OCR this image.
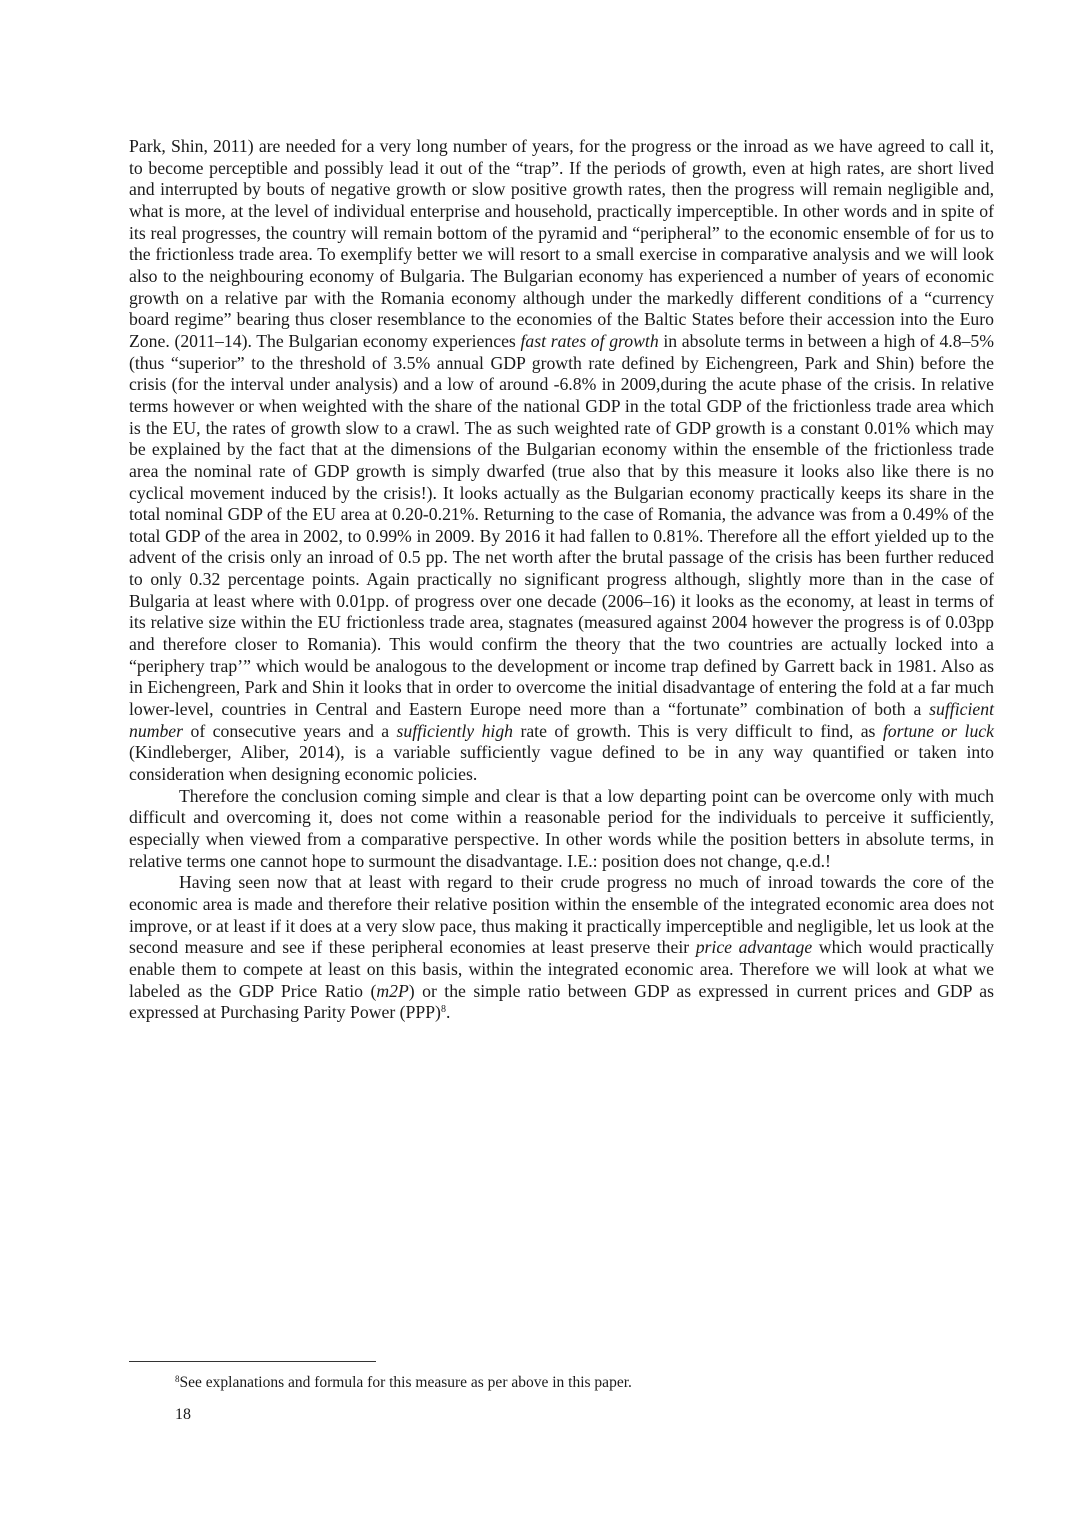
Park, Shin, 2011) are needed for a very long number of years, for the progress or the inroad as we have agreed to call it, to become perceptible and possibly lead it out of the “trap”. If the periods of growth, even at high rates, are short lived and interrupted by bouts of negative growth or slow positive growth rates, then the progress will remain negligible and, what is more, at the level of individual enterprise and household, practically imperceptible. In other words and in spite of its real progresses, the country will remain bottom of the pyramid and “peripheral” to the economic ensemble of for us to the frictionless trade area. To exemplify better we will resort to a small exercise in comparative analysis and we will look also to the neighbouring economy of Bulgaria. The Bulgarian economy has experienced a number of years of economic growth on a relative par with the Romania economy although under the markedly different conditions of a “currency board regime” bearing thus closer resemblance to the economies of the Baltic States before their accession into the Euro Zone. (2011–14). The Bulgarian economy experiences fast rates of growth in absolute terms in between a high of 4.8–5% (thus “superior” to the threshold of 3.5% annual GDP growth rate defined by Eichengreen, Park and Shin) before the crisis (for the interval under analysis) and a low of around -6.8% in 2009,during the acute phase of the crisis. In relative terms however or when weighted with the share of the national GDP in the total GDP of the frictionless trade area which is the EU, the rates of growth slow to a crawl. The as such weighted rate of GDP growth is a constant 0.01% which may be explained by the fact that at the dimensions of the Bulgarian economy within the ensemble of the frictionless trade area the nominal rate of GDP growth is simply dwarfed (true also that by this measure it looks also like there is no cyclical movement induced by the crisis!). It looks actually as the Bulgarian economy practically keeps its share in the total nominal GDP of the EU area at 0.20-0.21%. Returning to the case of Romania, the advance was from a 0.49% of the total GDP of the area in 2002, to 0.99% in 2009. By 2016 it had fallen to 0.81%. Therefore all the effort yielded up to the advent of the crisis only an inroad of 0.5 pp. The net worth after the brutal passage of the crisis has been further reduced to only 0.32 percentage points. Again practically no significant progress although, slightly more than in the case of Bulgaria at least where with 0.01pp. of progress over one decade (2006–16) it looks as the economy, at least in terms of its relative size within the EU frictionless trade area, stagnates (measured against 2004 however the progress is of 0.03pp and therefore closer to Romania). This would confirm the theory that the two countries are actually locked into a “periphery trap’” which would be analogous to the development or income trap defined by Garrett back in 1981. Also as in Eichengreen, Park and Shin it looks that in order to overcome the initial disadvantage of entering the fold at a far much lower-level, countries in Central and Eastern Europe need more than a “fortunate” combination of both a sufficient number of consecutive years and a sufficiently high rate of growth. This is very difficult to find, as fortune or luck (Kindleberger, Aliber, 2014), is a variable sufficiently vague defined to be in any way quantified or taken into consideration when designing economic policies.

Therefore the conclusion coming simple and clear is that a low departing point can be overcome only with much difficult and overcoming it, does not come within a reasonable period for the individuals to perceive it sufficiently, especially when viewed from a comparative perspective. In other words while the position betters in absolute terms, in relative terms one cannot hope to surmount the disadvantage. I.E.: position does not change, q.e.d.!

Having seen now that at least with regard to their crude progress no much of inroad towards the core of the economic area is made and therefore their relative position within the ensemble of the integrated economic area does not improve, or at least if it does at a very slow pace, thus making it practically imperceptible and negligible, let us look at the second measure and see if these peripheral economies at least preserve their price advantage which would practically enable them to compete at least on this basis, within the integrated economic area. Therefore we will look at what we labeled as the GDP Price Ratio (m2P) or the simple ratio between GDP as expressed in current prices and GDP as expressed at Purchasing Parity Power (PPP)$^8$.

$^8$See explanations and formula for this measure as per above in this paper.
18
